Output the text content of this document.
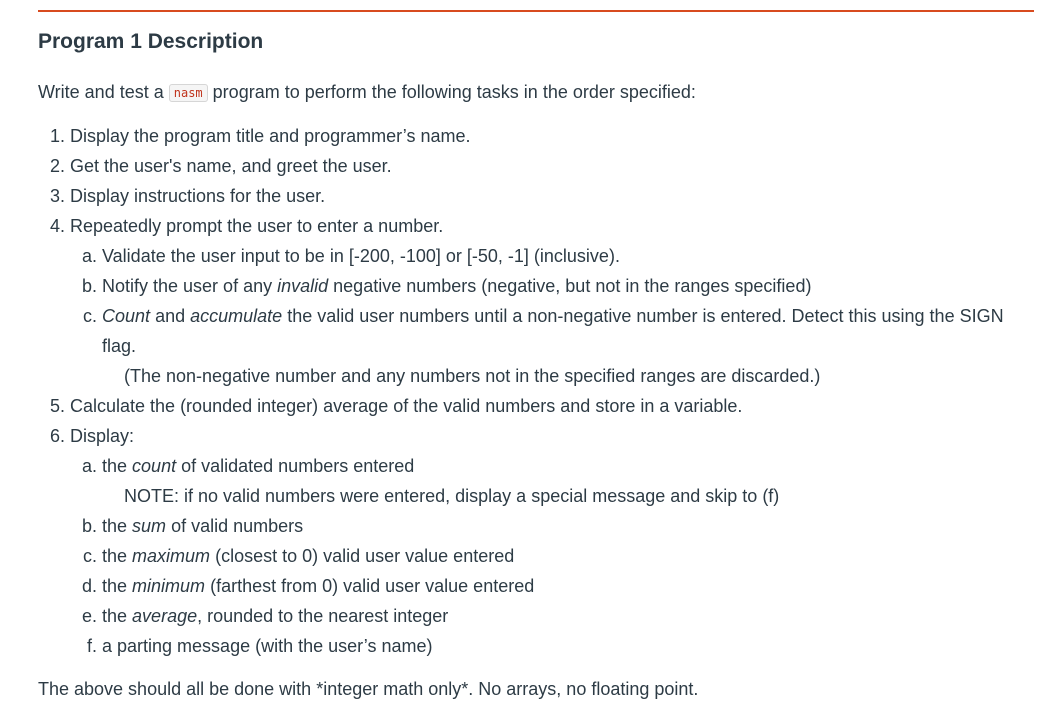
Program 1 Description

Write and test a nasm program to perform the following tasks in the order specified:

1. Display the program title and programmer’s name.
2. Get the user's name, and greet the user.
3. Display instructions for the user.
4. Repeatedly prompt the user to enter a number.
a. Validate the user input to be in [-200, -100] or [-50, -1] (inclusive).
b. Notify the user of any invalid negative numbers (negative, but not in the ranges specified)
c. Count and accumulate the valid user numbers until a non-negative number is entered. Detect this using the SIGN flag.
(The non-negative number and any numbers not in the specified ranges are discarded.)
5. Calculate the (rounded integer) average of the valid numbers and store in a variable.
6. Display:
a. the count of validated numbers entered
NOTE: if no valid numbers were entered, display a special message and skip to (f)
b. the sum of valid numbers
c. the maximum (closest to 0) valid user value entered
d. the minimum (farthest from 0) valid user value entered
e. the average, rounded to the nearest integer
f. a parting message (with the user’s name)

The above should all be done with *integer math only*. No arrays, no floating point.
